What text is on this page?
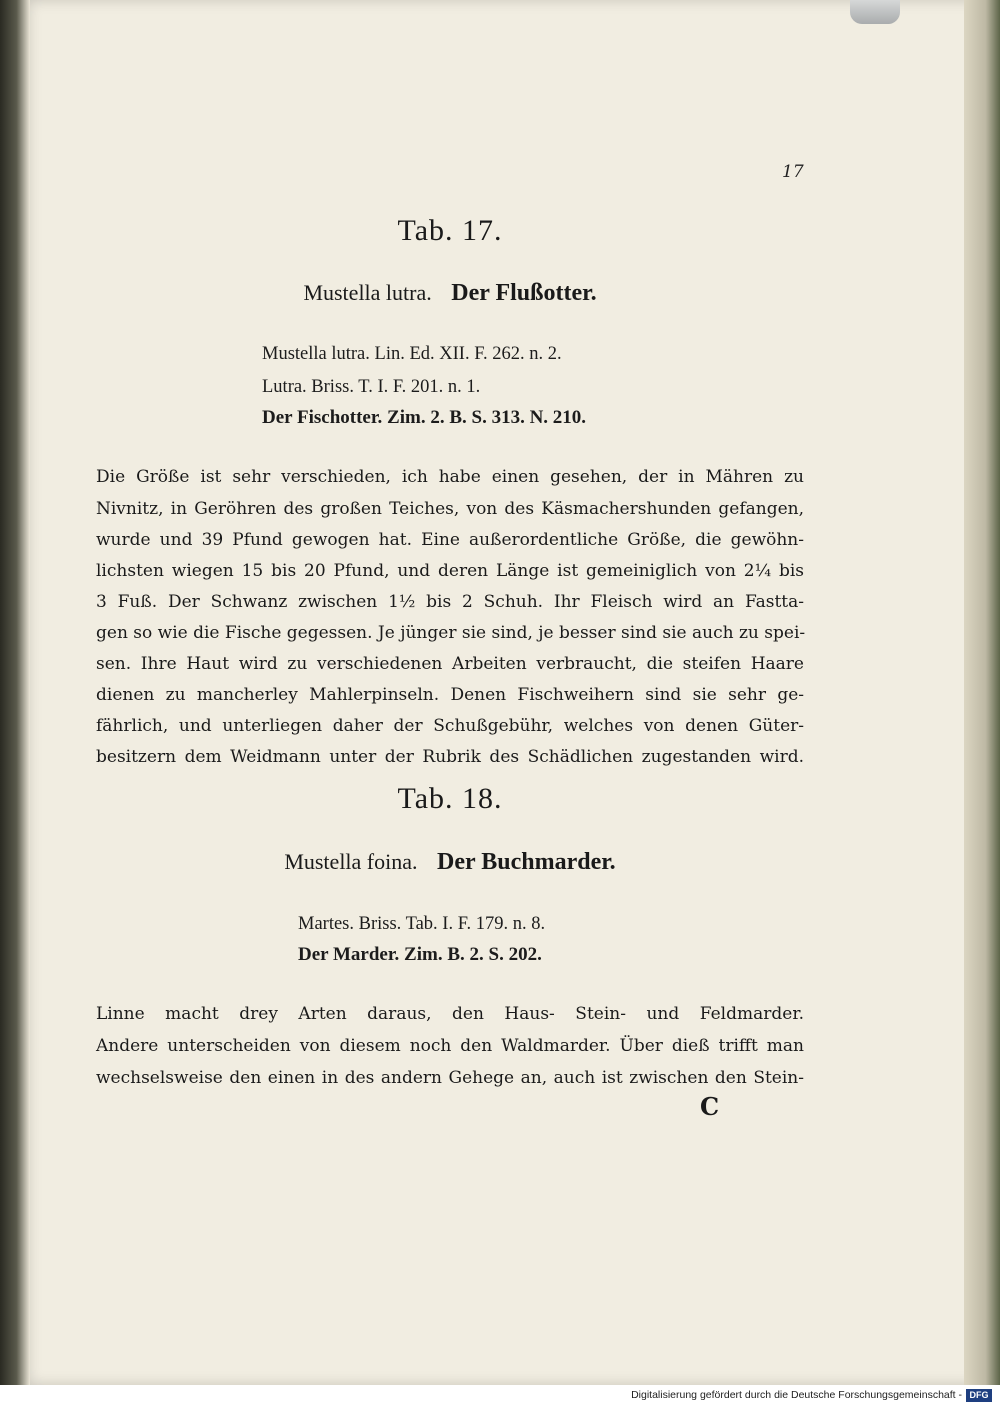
17
Tab. 17.
Mustella lutra. Der Flußotter.
Mustella lutra. Lin. Ed. XII. F. 262. n. 2.
Lutra. Briss. T. I. F. 201. n. 1.
Der Fischotter. Zim. 2. B. S. 313. N. 210.
Die Größe ist sehr verschieden, ich habe einen gesehen, der in Mähren zu
Nivnitz, in Geröhren des großen Teiches, von des Käsmachershunden gefangen,
wurde und 39 Pfund gewogen hat. Eine außerordentliche Größe, die gewöhn-
lichsten wiegen 15 bis 20 Pfund, und deren Länge ist gemeiniglich von 2¼ bis
3 Fuß. Der Schwanz zwischen 1½ bis 2 Schuh. Ihr Fleisch wird an Fastta-
gen so wie die Fische gegessen. Je jünger sie sind, je besser sind sie auch zu spei-
sen. Ihre Haut wird zu verschiedenen Arbeiten verbraucht, die steifen Haare
dienen zu mancherley Mahlerpinseln. Denen Fischweihern sind sie sehr ge-
fährlich, und unterliegen daher der Schußgebühr, welches von denen Güter-
besitzern dem Weidmann unter der Rubrik des Schädlichen zugestanden wird.
Tab. 18.
Mustella foina. Der Buchmarder.
Martes. Briss. Tab. I. F. 179. n. 8.
Der Marder. Zim. B. 2. S. 202.
Linne macht drey Arten daraus, den Haus- Stein- und Feldmarder.
Andere unterscheiden von diesem noch den Waldmarder. Über dieß trifft man
wechselsweise den einen in des andern Gehege an, auch ist zwischen den Stein-
C
Digitalisierung gefördert durch die Deutsche Forschungsgemeinschaft - DFG
